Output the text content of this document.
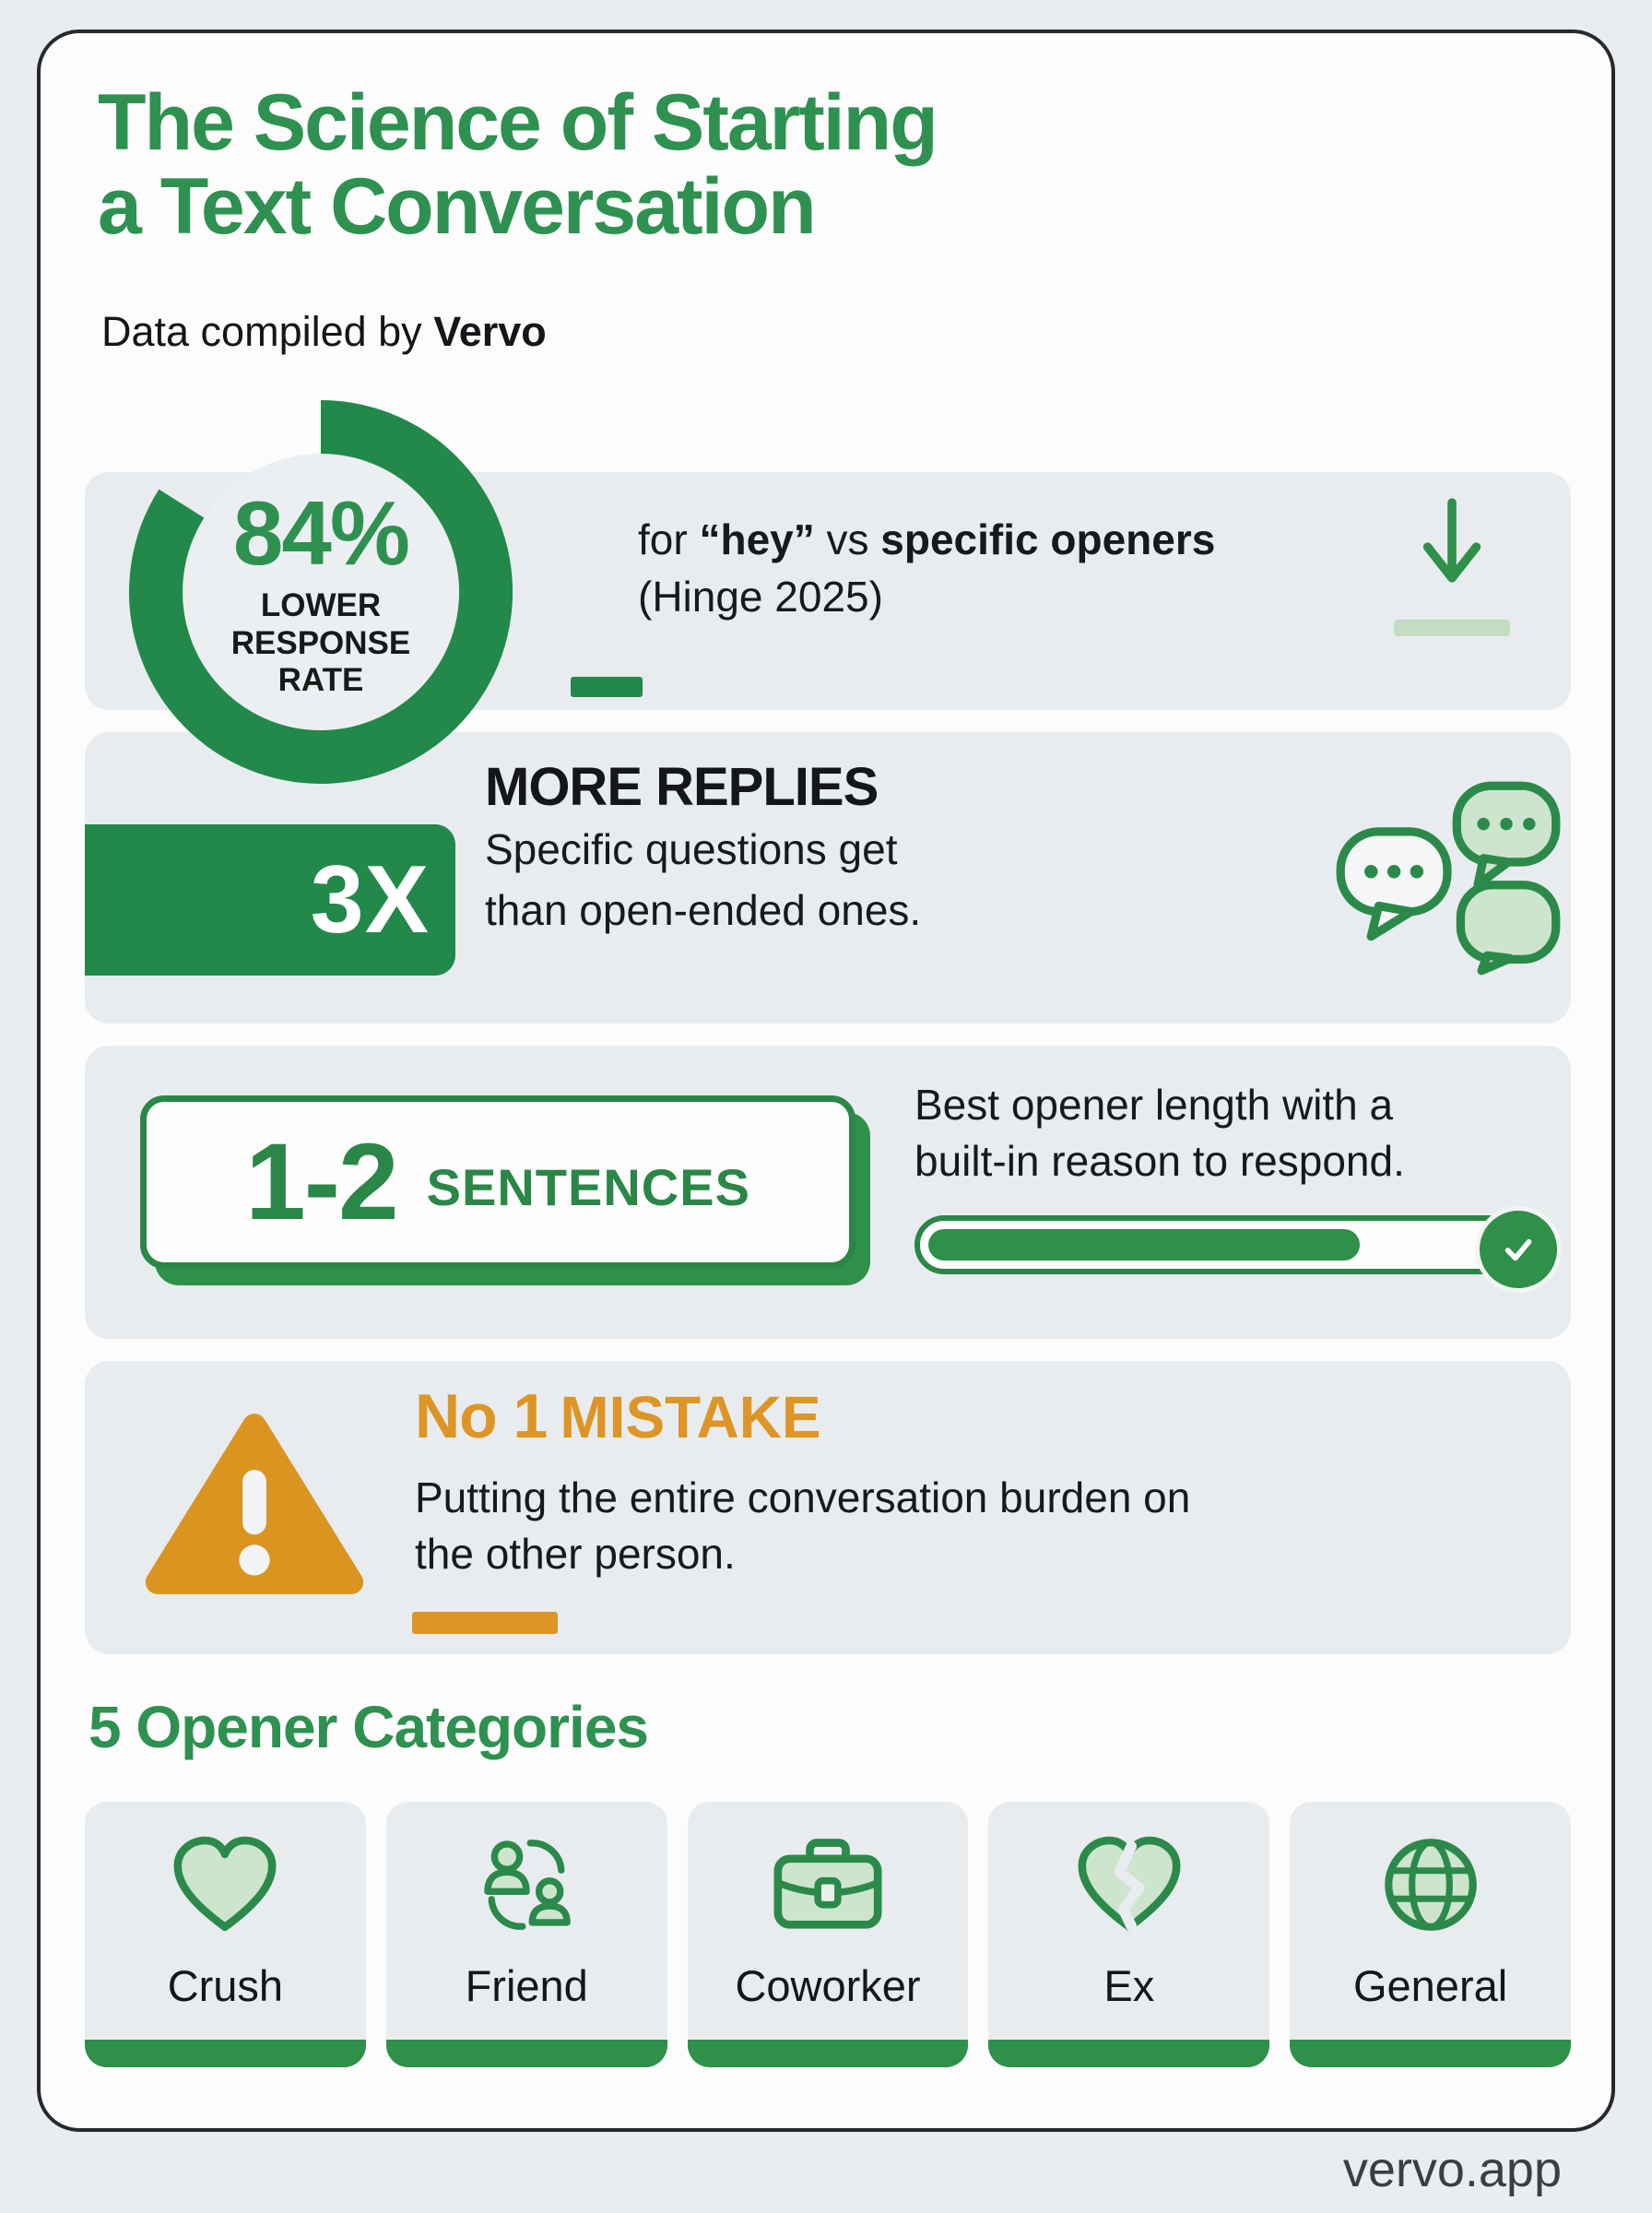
The Science of Starting
a Text Conversation
Data compiled by Vervo
for “hey” vs specific openers
(Hinge 2025)
84%
LOWER
RESPONSE
RATE
3X
MORE REPLIES
Specific questions get
than open-ended ones.
1-2 SENTENCES
Best opener length with a
built-in reason to respond.
No 1 MISTAKE
Putting the entire conversation burden on
the other person.
5 Opener Categories
Crush	Friend	Coworker	Ex	General
vervo.app
